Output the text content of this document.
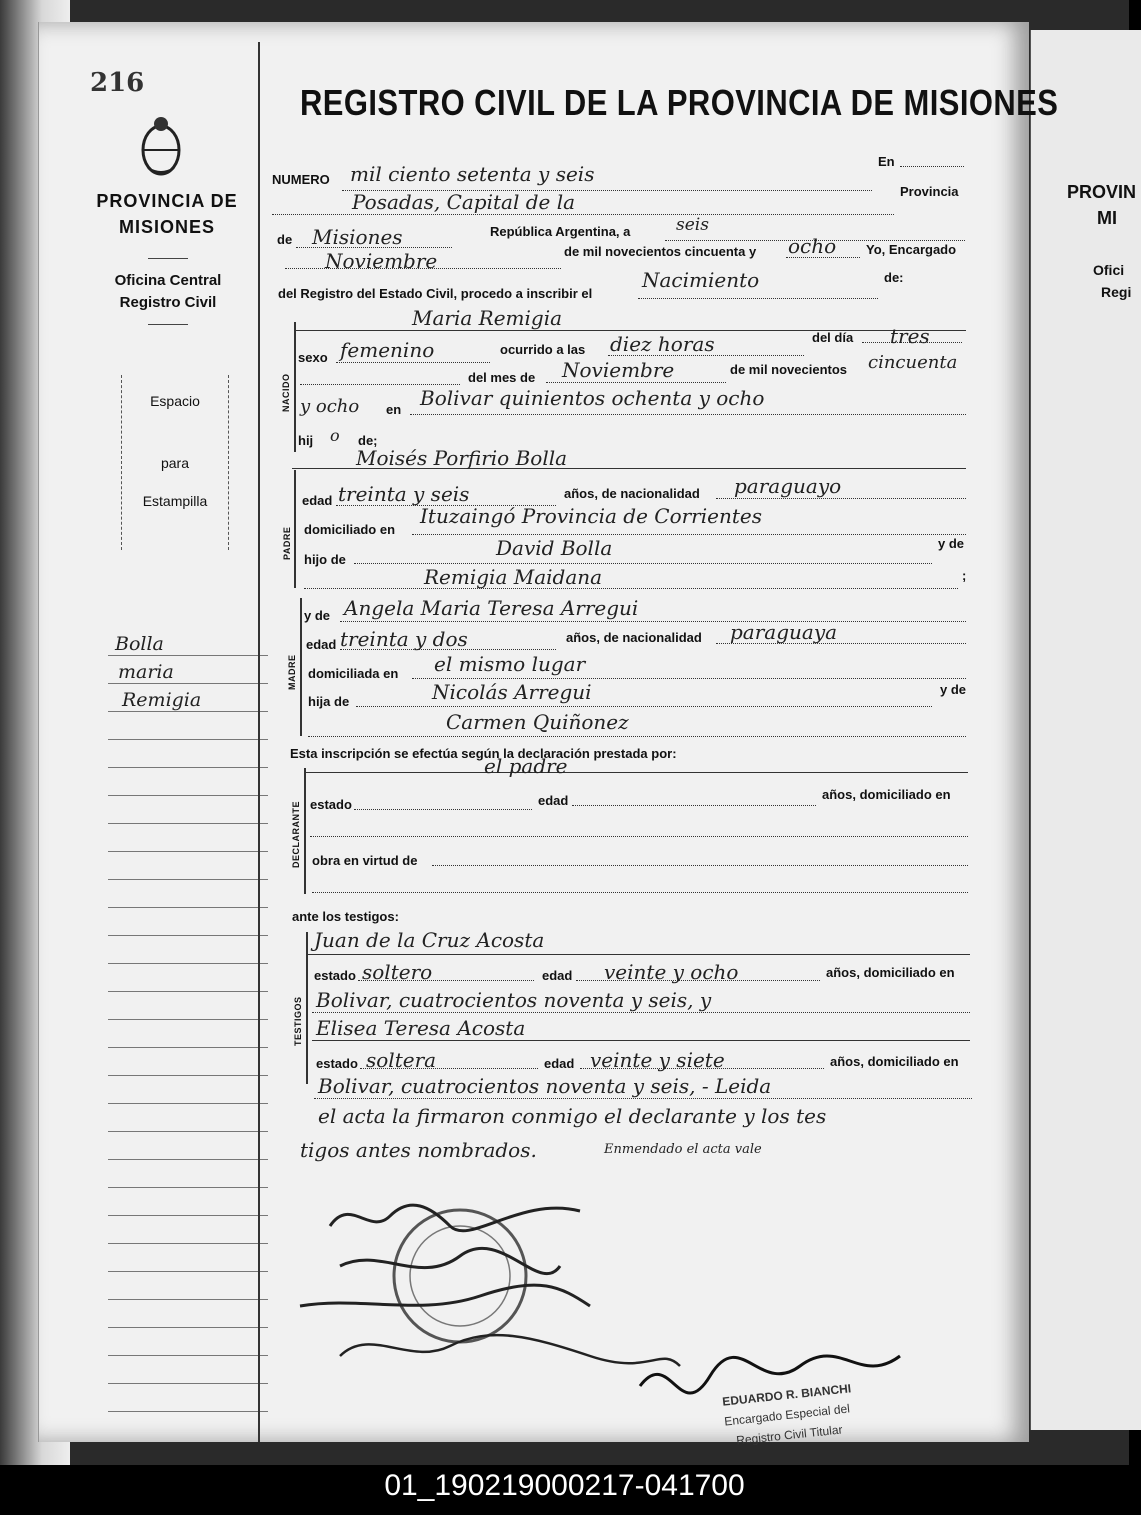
PROVIN
MI
Ofici
Regi
216
PROVINCIA DE
MISIONES
Oficina Central
Registro Civil
Espacio
para
Estampilla
Bolla
maria
Remigia
REGISTRO CIVIL DE LA PROVINCIA DE MISIONES
NUMERO mil ciento setenta y seis
En
Posadas, Capital de la	Provincia
de Misiones	República Argentina, a	seis
Noviembre	de mil novecientos cincuenta y ocho Yo, Encargado
del Registro del Estado Civil, procedo a inscribir el
Nacimiento	de:
Maria Remigia
NACIDO
sexo femenino	ocurrido a las diez horas	del día tres
del mes de Noviembre	de mil novecientos cincuenta
y ocho en Bolivar quinientos ochenta y ocho
hij o de;
Moisés Porfirio Bolla
PADRE
edad treinta y seis	años, de nacionalidad paraguayo
domiciliado en
Ituzaingó Provincia de Corrientes
hijo de	David Bolla	y de
Remigia Maidana	;
MADRE
y de Angela Maria Teresa Arregui
edad treinta y dos	años, de nacionalidad paraguaya
domiciliada en el mismo lugar
hija de	Nicolás Arregui	y de
Carmen Quiñonez
Esta inscripción se efectúa según la declaración prestada por:
el padre
DECLARANTE estado	edad	años, domiciliado en
obra en virtud de
ante los testigos:
TESTIGOS
Juan de la Cruz Acosta
estado soltero	edad veinte y ocho	años, domiciliado en
Bolivar, cuatrocientos noventa y seis, y
Elisea Teresa Acosta
estado soltera	edad veinte y siete	años, domiciliado en
Bolivar, cuatrocientos noventa y seis, - Leida
el acta la firmaron conmigo el declarante y los tes
tigos antes nombrados.	Enmendado el acta vale
EDUARDO R. BIANCHI
Encargado Especial del
Registro Civil Titular
01_190219000217-041700
